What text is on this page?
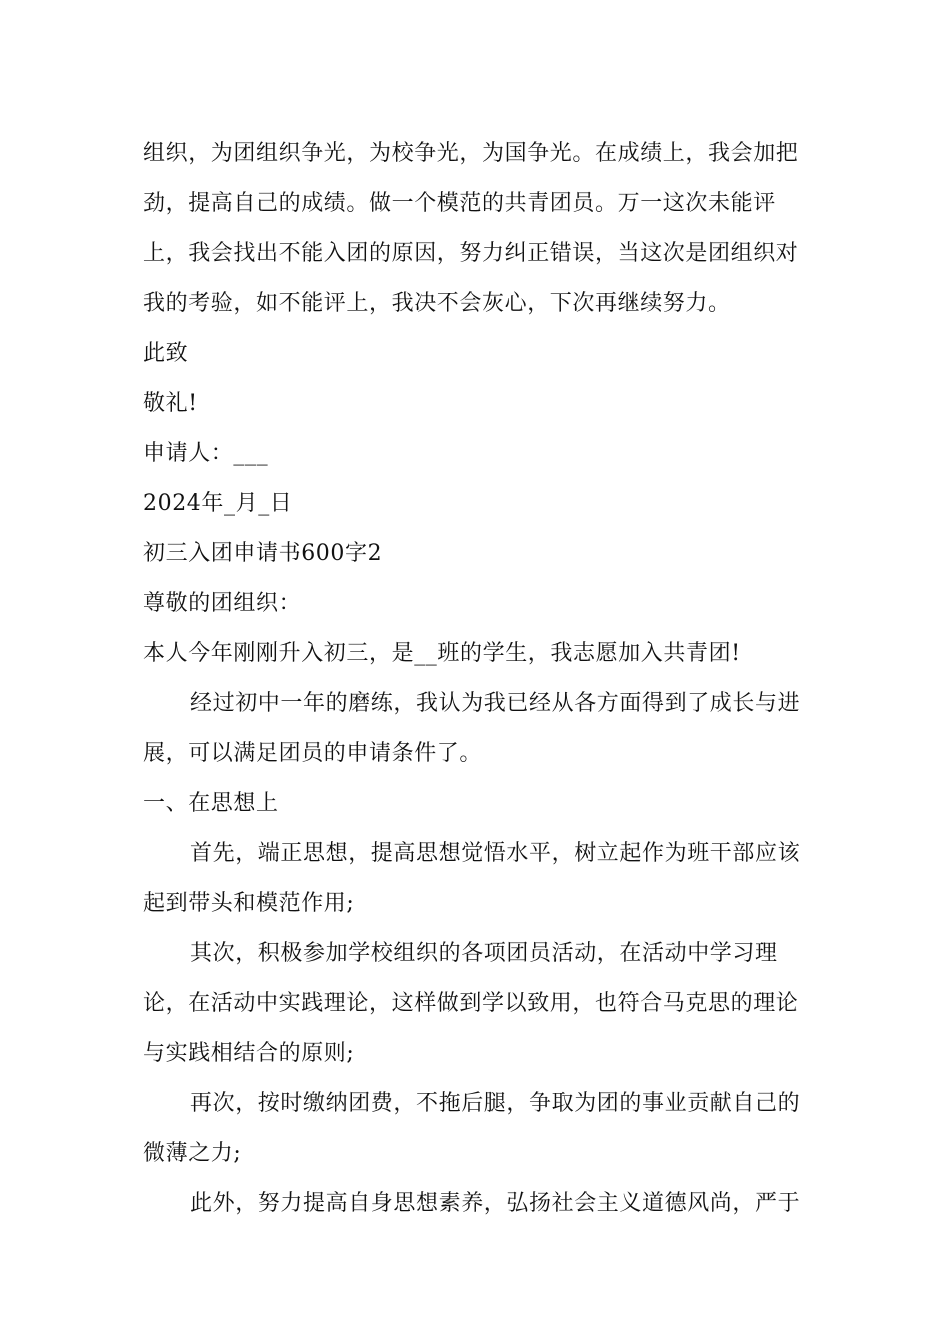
组织，为团组织争光，为校争光，为国争光。在成绩上，我会加把劲，提高自己的成绩。做一个模范的共青团员。万一这次未能评上，我会找出不能入团的原因，努力纠正错误，当这次是团组织对我的考验，如不能评上，我决不会灰心，下次再继续努力。

此致

敬礼!

申请人：___

2024年_月_日

初三入团申请书600字2

尊敬的团组织：

本人今年刚刚升入初三，是__班的学生，我志愿加入共青团!

经过初中一年的磨练，我认为我已经从各方面得到了成长与进展，可以满足团员的申请条件了。

一、在思想上

首先，端正思想，提高思想觉悟水平，树立起作为班干部应该起到带头和模范作用;

其次，积极参加学校组织的各项团员活动，在活动中学习理论，在活动中实践理论，这样做到学以致用，也符合马克思的理论与实践相结合的原则;

再次，按时缴纳团费，不拖后腿，争取为团的事业贡献自己的微薄之力;

此外，努力提高自身思想素养，弘扬社会主义道德风尚，严于
